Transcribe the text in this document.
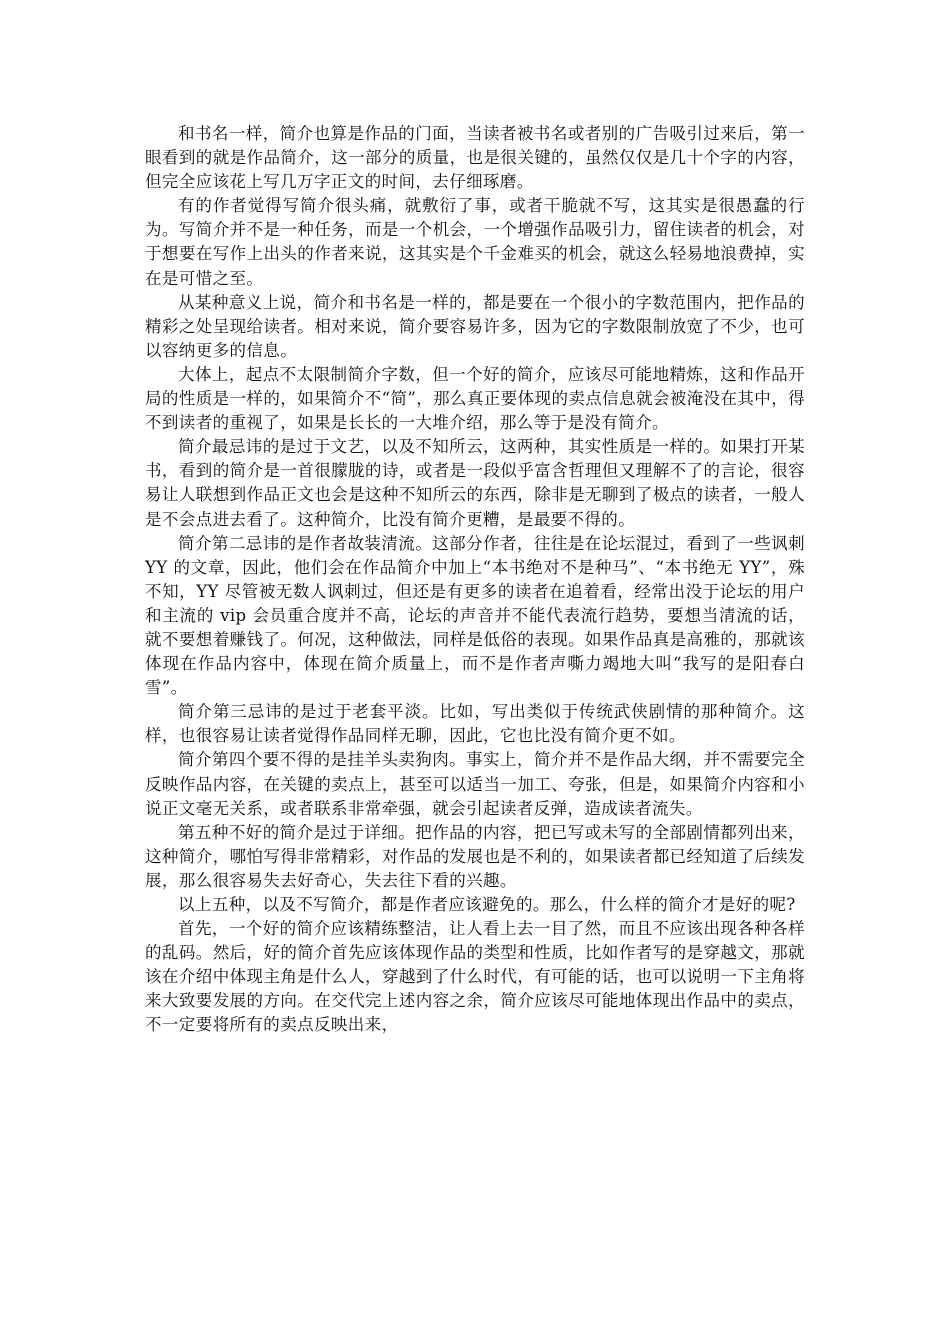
和书名一样，简介也算是作品的门面，当读者被书名或者别的广告吸引过来后，第一眼看到的就是作品简介，这一部分的质量，也是很关键的，虽然仅仅是几十个字的内容，但完全应该花上写几万字正文的时间，去仔细琢磨。

有的作者觉得写简介很头痛，就敷衍了事，或者干脆就不写，这其实是很愚蠢的行为。写简介并不是一种任务，而是一个机会，一个增强作品吸引力，留住读者的机会，对于想要在写作上出头的作者来说，这其实是个千金难买的机会，就这么轻易地浪费掉，实在是可惜之至。

从某种意义上说，简介和书名是一样的，都是要在一个很小的字数范围内，把作品的精彩之处呈现给读者。相对来说，简介要容易许多，因为它的字数限制放宽了不少，也可以容纳更多的信息。

大体上，起点不太限制简介字数，但一个好的简介，应该尽可能地精炼，这和作品开局的性质是一样的，如果简介不“简”，那么真正要体现的卖点信息就会被淹没在其中，得不到读者的重视了，如果是长长的一大堆介绍，那么等于是没有简介。

简介最忌讳的是过于文艺，以及不知所云，这两种，其实性质是一样的。如果打开某书，看到的简介是一首很朦胧的诗，或者是一段似乎富含哲理但又理解不了的言论，很容易让人联想到作品正文也会是这种不知所云的东西，除非是无聊到了极点的读者，一般人是不会点进去看了。这种简介，比没有简介更糟，是最要不得的。

简介第二忌讳的是作者故装清流。这部分作者，往往是在论坛混过，看到了一些讽刺 YY 的文章，因此，他们会在作品简介中加上“本书绝对不是种马”、“本书绝无 YY”，殊不知，YY 尽管被无数人讽刺过，但还是有更多的读者在追着看，经常出没于论坛的用户和主流的 vip 会员重合度并不高，论坛的声音并不能代表流行趋势，要想当清流的话，就不要想着赚钱了。何况，这种做法，同样是低俗的表现。如果作品真是高雅的，那就该体现在作品内容中，体现在简介质量上，而不是作者声嘶力竭地大叫“我写的是阳春白雪”。

简介第三忌讳的是过于老套平淡。比如，写出类似于传统武侠剧情的那种简介。这样，也很容易让读者觉得作品同样无聊，因此，它也比没有简介更不如。

简介第四个要不得的是挂羊头卖狗肉。事实上，简介并不是作品大纲，并不需要完全反映作品内容，在关键的卖点上，甚至可以适当一加工、夸张，但是，如果简介内容和小说正文毫无关系，或者联系非常牵强，就会引起读者反弹，造成读者流失。

第五种不好的简介是过于详细。把作品的内容，把已写或未写的全部剧情都列出来，这种简介，哪怕写得非常精彩，对作品的发展也是不利的，如果读者都已经知道了后续发展，那么很容易失去好奇心，失去往下看的兴趣。

以上五种，以及不写简介，都是作者应该避免的。那么，什么样的简介才是好的呢?

首先，一个好的简介应该精练整洁，让人看上去一目了然，而且不应该出现各种各样的乱码。然后，好的简介首先应该体现作品的类型和性质，比如作者写的是穿越文，那就该在介绍中体现主角是什么人，穿越到了什么时代，有可能的话，也可以说明一下主角将来大致要发展的方向。在交代完上述内容之余，简介应该尽可能地体现出作品中的卖点，不一定要将所有的卖点反映出来，
